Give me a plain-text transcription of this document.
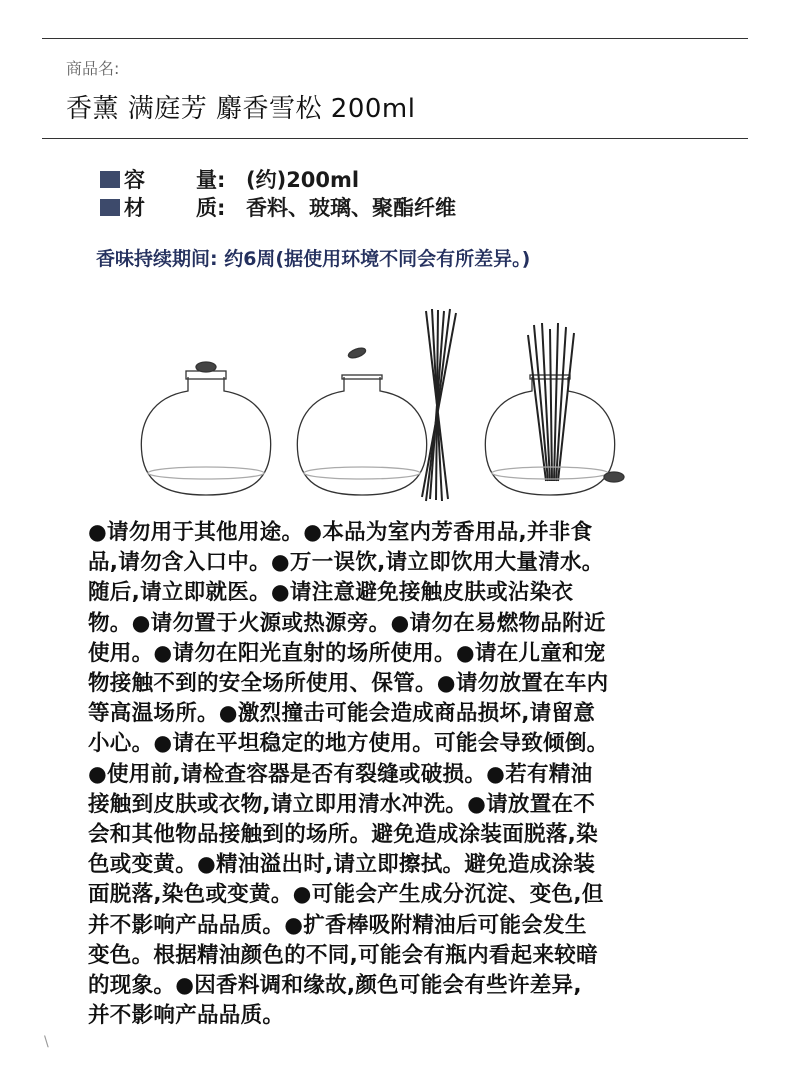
商品名:
香薰 满庭芳 麝香雪松 200ml
容	量: (约)200ml
材	质: 香料、玻璃、聚酯纤维
香味持续期间: 约6周(据使用环境不同会有所差异。)
●请勿用于其他用途。●本品为室内芳香用品,并非食
品,请勿含入口中。●万一误饮,请立即饮用大量清水。
随后,请立即就医。●请注意避免接触皮肤或沾染衣
物。●请勿置于火源或热源旁。●请勿在易燃物品附近
使用。●请勿在阳光直射的场所使用。●请在儿童和宠
物接触不到的安全场所使用、保管。●请勿放置在车内
等高温场所。●激烈撞击可能会造成商品损坏,请留意
小心。●请在平坦稳定的地方使用。可能会导致倾倒。
●使用前,请检查容器是否有裂缝或破损。●若有精油
接触到皮肤或衣物,请立即用清水冲洗。●请放置在不
会和其他物品接触到的场所。避免造成涂装面脱落,染
色或变黄。●精油溢出时,请立即擦拭。避免造成涂装
面脱落,染色或变黄。●可能会产生成分沉淀、变色,但
并不影响产品品质。●扩香棒吸附精油后可能会发生
变色。根据精油颜色的不同,可能会有瓶内看起来较暗
的现象。●因香料调和缘故,颜色可能会有些许差异,
并不影响产品品质。
\
